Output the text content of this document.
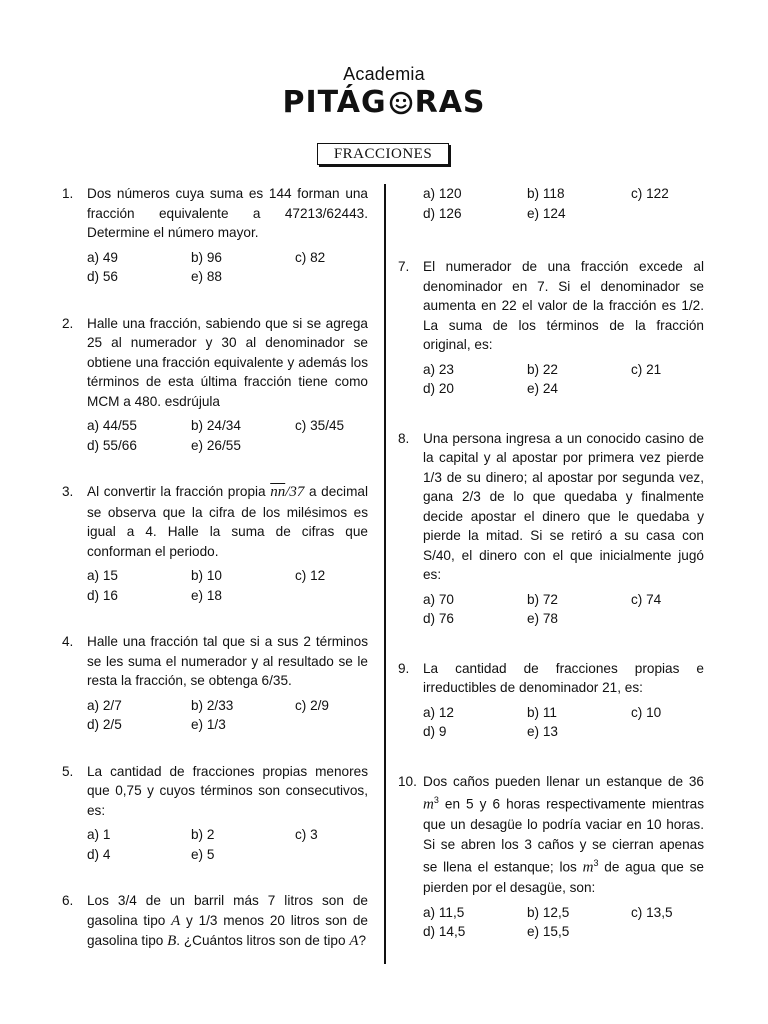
Academia
PITÁG RAS
FRACCIONES
1.	Dos números cuya suma es 144 forman una fracción equivalente a 47213/62443. Determine el número mayor.
a) 49	b) 96	c) 82
d) 56	e) 88
2.	Halle una fracción, sabiendo que si se agrega 25 al numerador y 30 al denominador se obtiene una fracción equivalente y además los términos de esta última fracción tiene como MCM a 480. esdrújula
a) 44/55	b) 24/34	c) 35/45
d) 55/66	e) 26/55
3.	Al convertir la fracción propia $\overline{nn}/37$ a decimal se observa que la cifra de los milésimos es igual a 4. Halle la suma de cifras que conforman el periodo.
a) 15	b) 10	c) 12
d) 16	e) 18
4.	Halle una fracción tal que si a sus 2 términos se les suma el numerador y al resultado se le resta la fracción, se obtenga 6/35.
a) 2/7	b) 2/33	c) 2/9
d) 2/5	e) 1/3
5.	La cantidad de fracciones propias menores que 0,75 y cuyos términos son consecutivos, es:
a) 1	b) 2	c) 3
d) 4	e) 5
6.	Los 3/4 de un barril más 7 litros son de gasolina tipo A y 1/3 menos 20 litros son de gasolina tipo B. ¿Cuántos litros son de tipo A?
a) 120	b) 118	c) 122
d) 126	e) 124
7.	El numerador de una fracción excede al denominador en 7. Si el denominador se aumenta en 22 el valor de la fracción es 1/2. La suma de los términos de la fracción original, es:
a) 23	b) 22	c) 21
d) 20	e) 24
8.	Una persona ingresa a un conocido casino de la capital y al apostar por primera vez pierde 1/3 de su dinero; al apostar por segunda vez, gana 2/3 de lo que quedaba y finalmente decide apostar el dinero que le quedaba y pierde la mitad. Si se retiró a su casa con S/40, el dinero con el que inicialmente jugó es:
a) 70	b) 72	c) 74
d) 76	e) 78
9.	La cantidad de fracciones propias e irreductibles de denominador 21, es:
a) 12	b) 11	c) 10
d) 9	e) 13
10. Dos caños pueden llenar un estanque de 36 $m^3$ en 5 y 6 horas respectivamente mientras que un desagüe lo podría vaciar en 10 horas. Si se abren los 3 caños y se cierran apenas se llena el estanque; los $m^3$ de agua que se pierden por el desagüe, son:
a) 11,5	b) 12,5	c) 13,5
d) 14,5	e) 15,5
